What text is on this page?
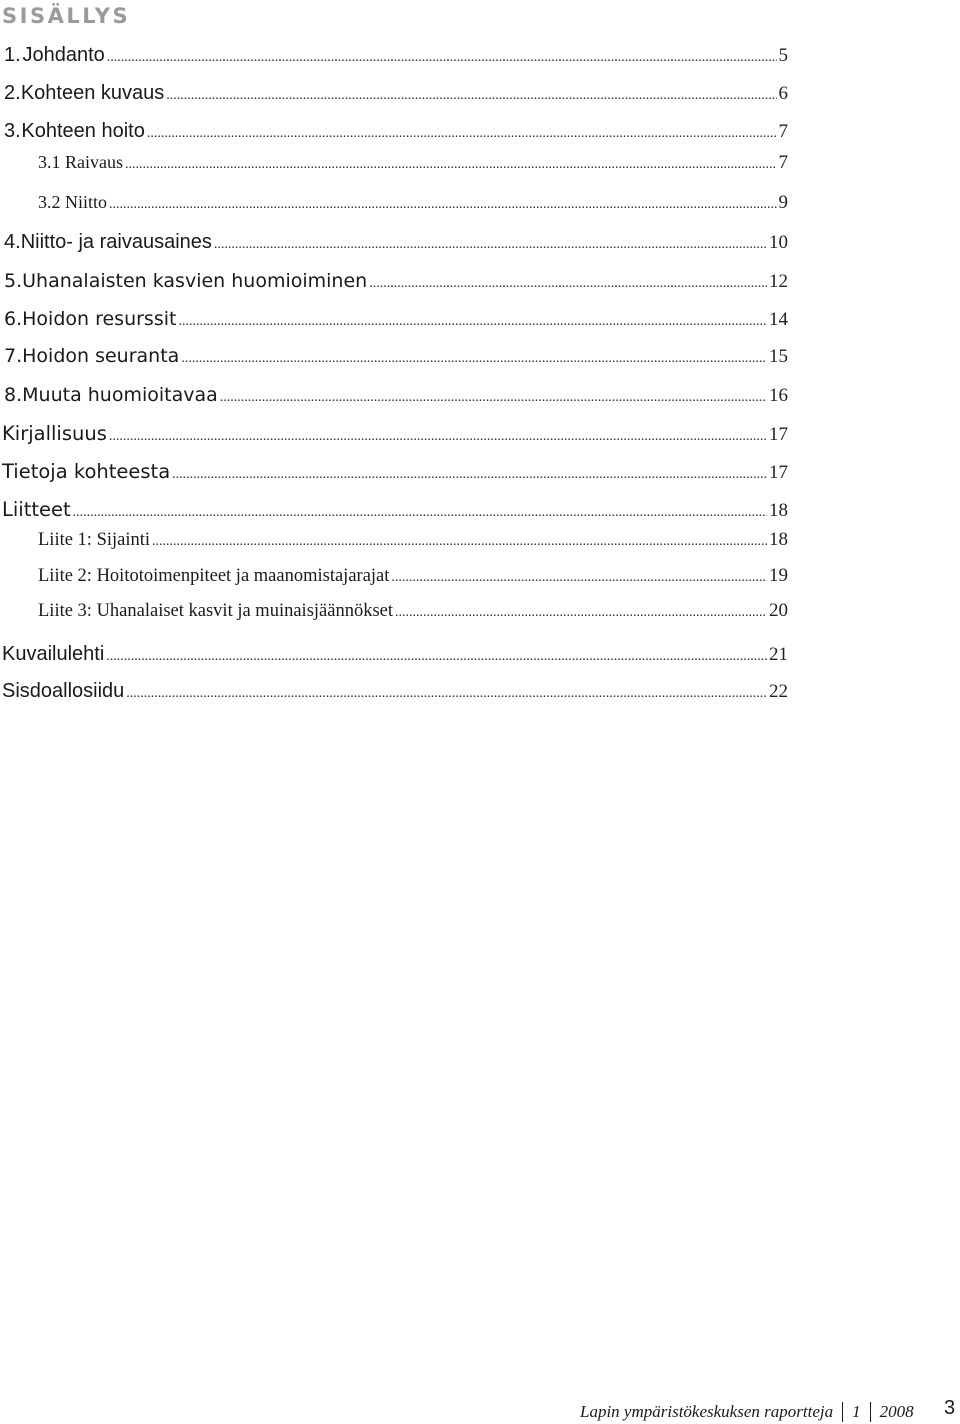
SISÄLLYS
1. Johdanto .....	5
2. Kohteen kuvaus .....	6
3. Kohteen hoito .....	7
3.1 Raivaus .....	7
3.2 Niitto .....	9
4. Niitto- ja raivausaines .....	10
5. Uhanalaisten kasvien huomioiminen .....	12
6. Hoidon resurssit .....	14
7. Hoidon seuranta .....	15
8. Muuta huomioitavaa .....	16
Kirjallisuus .....	17
Tietoja kohteesta .....	17
Liitteet .....	18
Liite 1: Sijainti .....	18
Liite 2: Hoitotoimenpiteet ja maanomistajarajat .....	19
Liite 3: Uhanalaiset kasvit ja muinaisjäännökset .....	20
Kuvailulehti .....	21
Sisdoallosiidu .....	22
Lapin ympäristökeskuksen raportteja 1 2008 3
